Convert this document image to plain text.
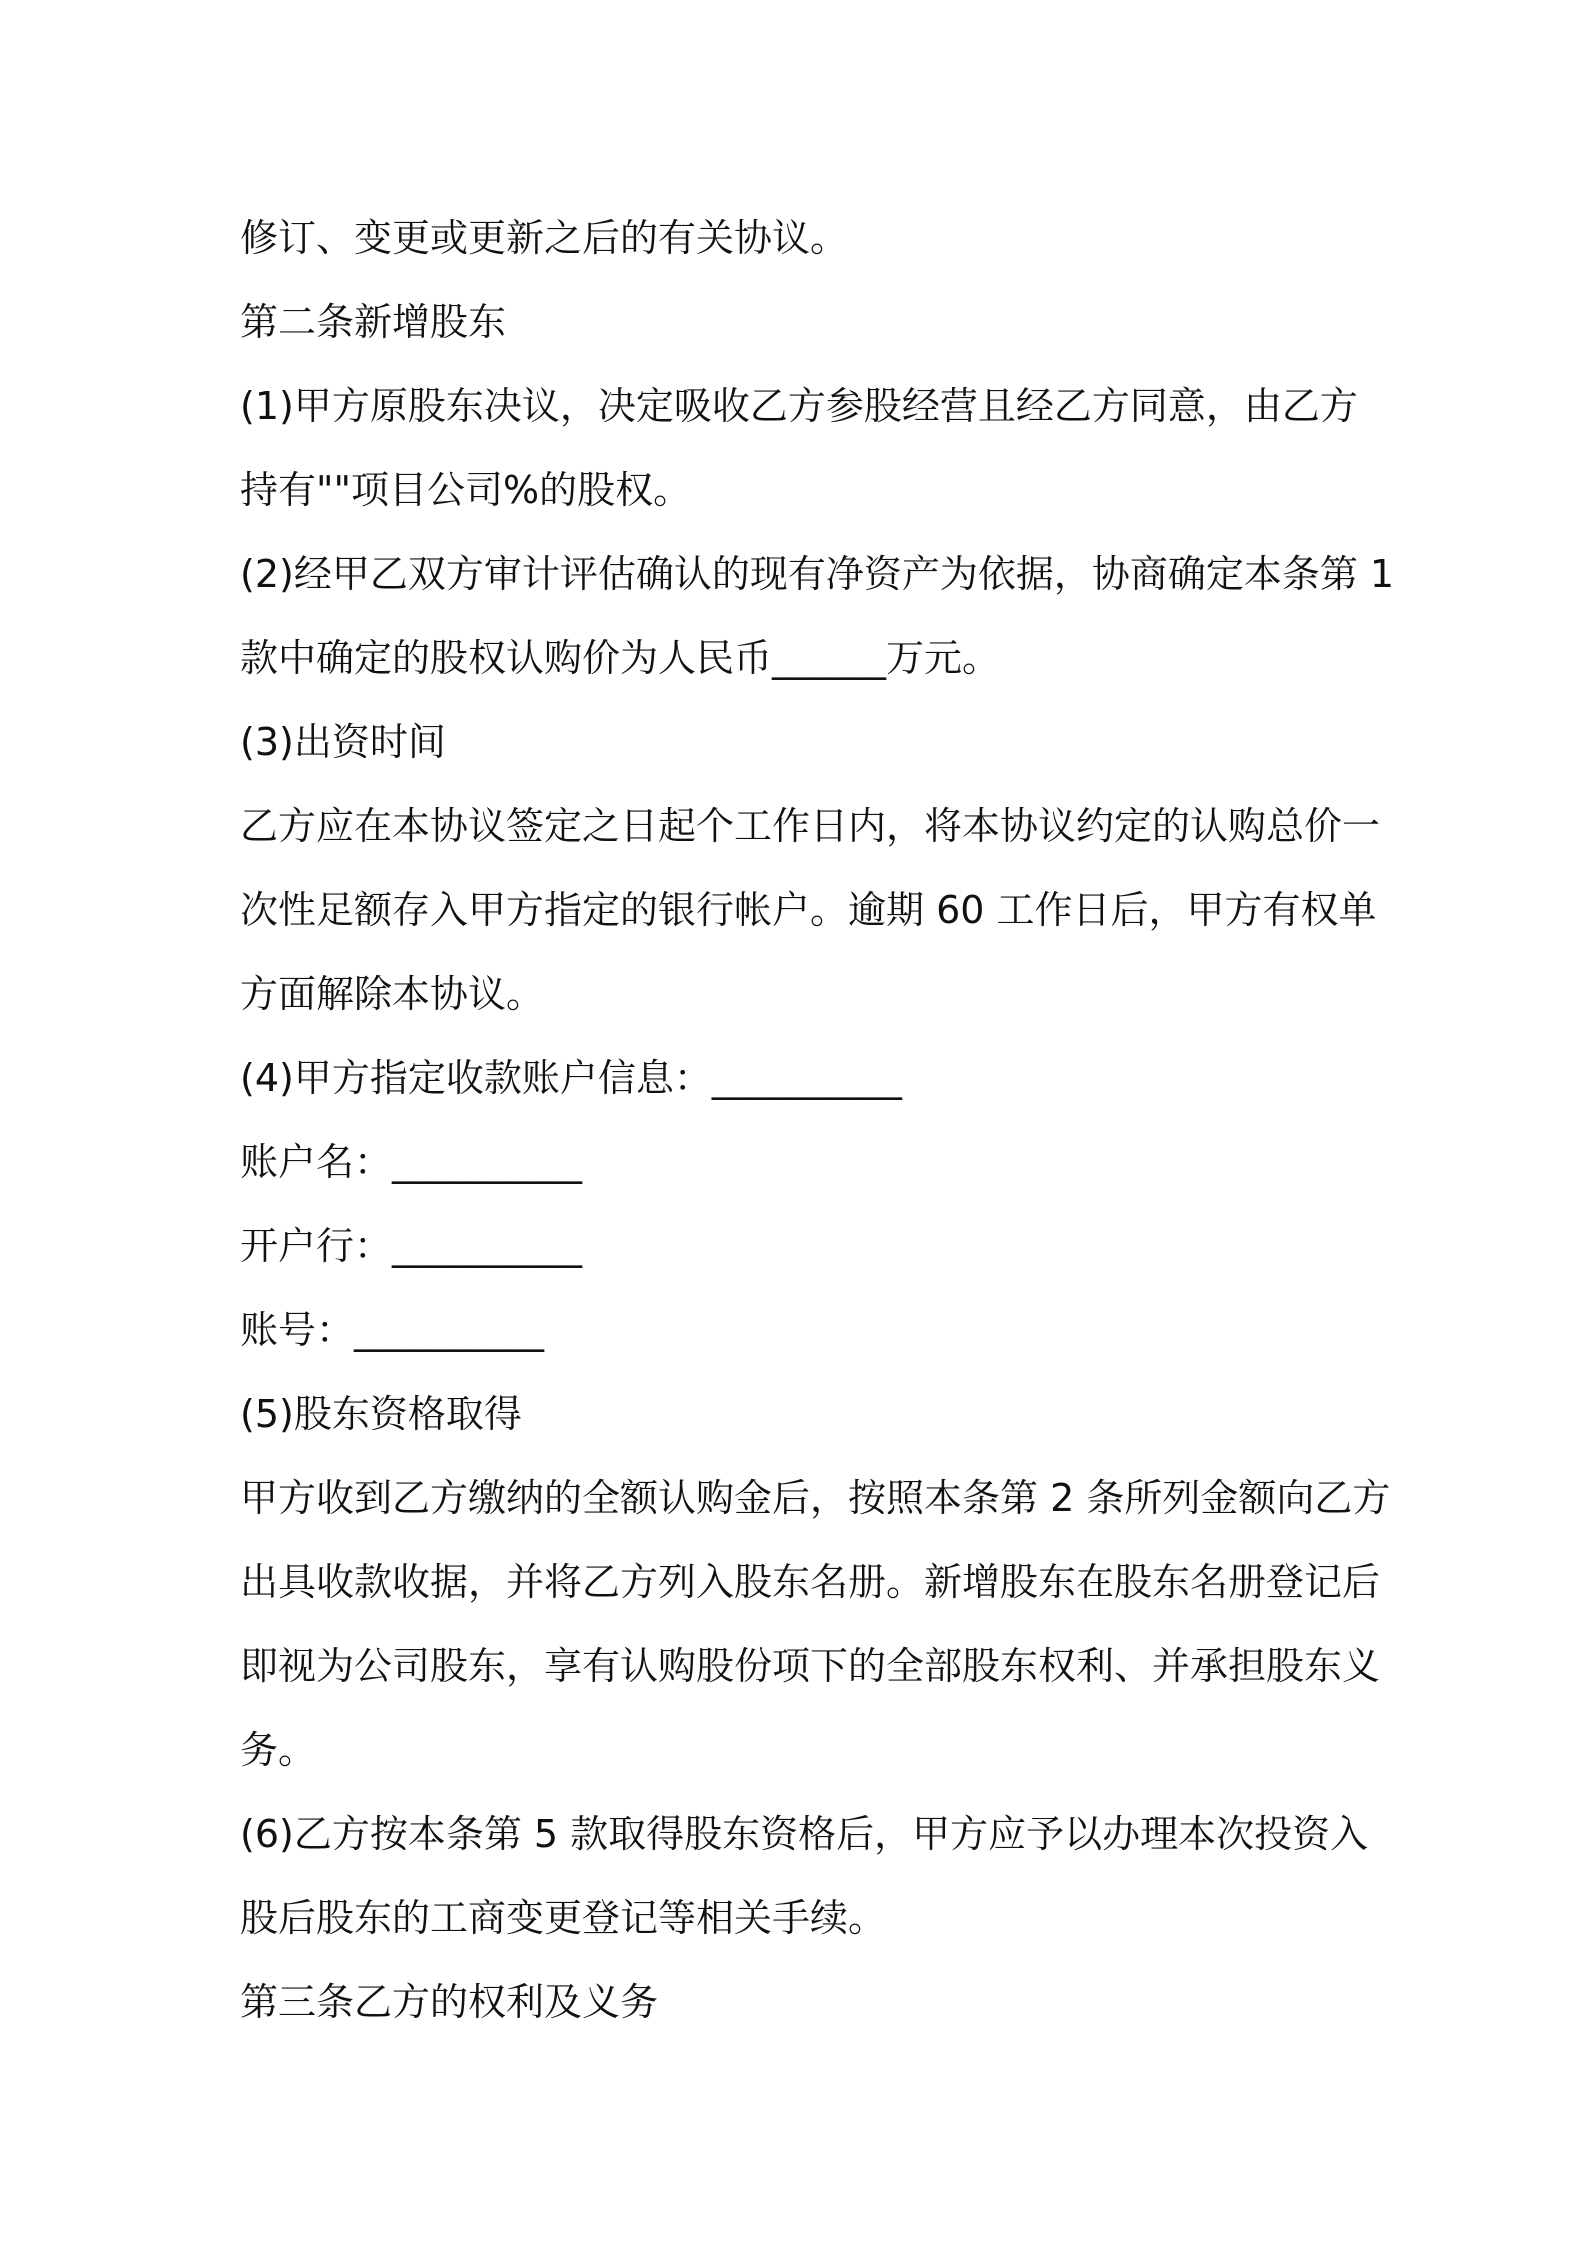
修订、变更或更新之后的有关协议。
第二条新增股东
(1)甲方原股东决议，决定吸收乙方参股经营且经乙方同意，由乙方
持有""项目公司%的股权。
(2)经甲乙双方审计评估确认的现有净资产为依据，协商确定本条第 1
款中确定的股权认购价为人民币______万元。
(3)出资时间
乙方应在本协议签定之日起个工作日内，将本协议约定的认购总价一
次性足额存入甲方指定的银行帐户。逾期 60 工作日后，甲方有权单
方面解除本协议。
(4)甲方指定收款账户信息：__________
账户名：__________
开户行：__________
账号：__________
(5)股东资格取得
甲方收到乙方缴纳的全额认购金后，按照本条第 2 条所列金额向乙方
出具收款收据，并将乙方列入股东名册。新增股东在股东名册登记后
即视为公司股东，享有认购股份项下的全部股东权利、并承担股东义
务。
(6)乙方按本条第 5 款取得股东资格后，甲方应予以办理本次投资入
股后股东的工商变更登记等相关手续。
第三条乙方的权利及义务
